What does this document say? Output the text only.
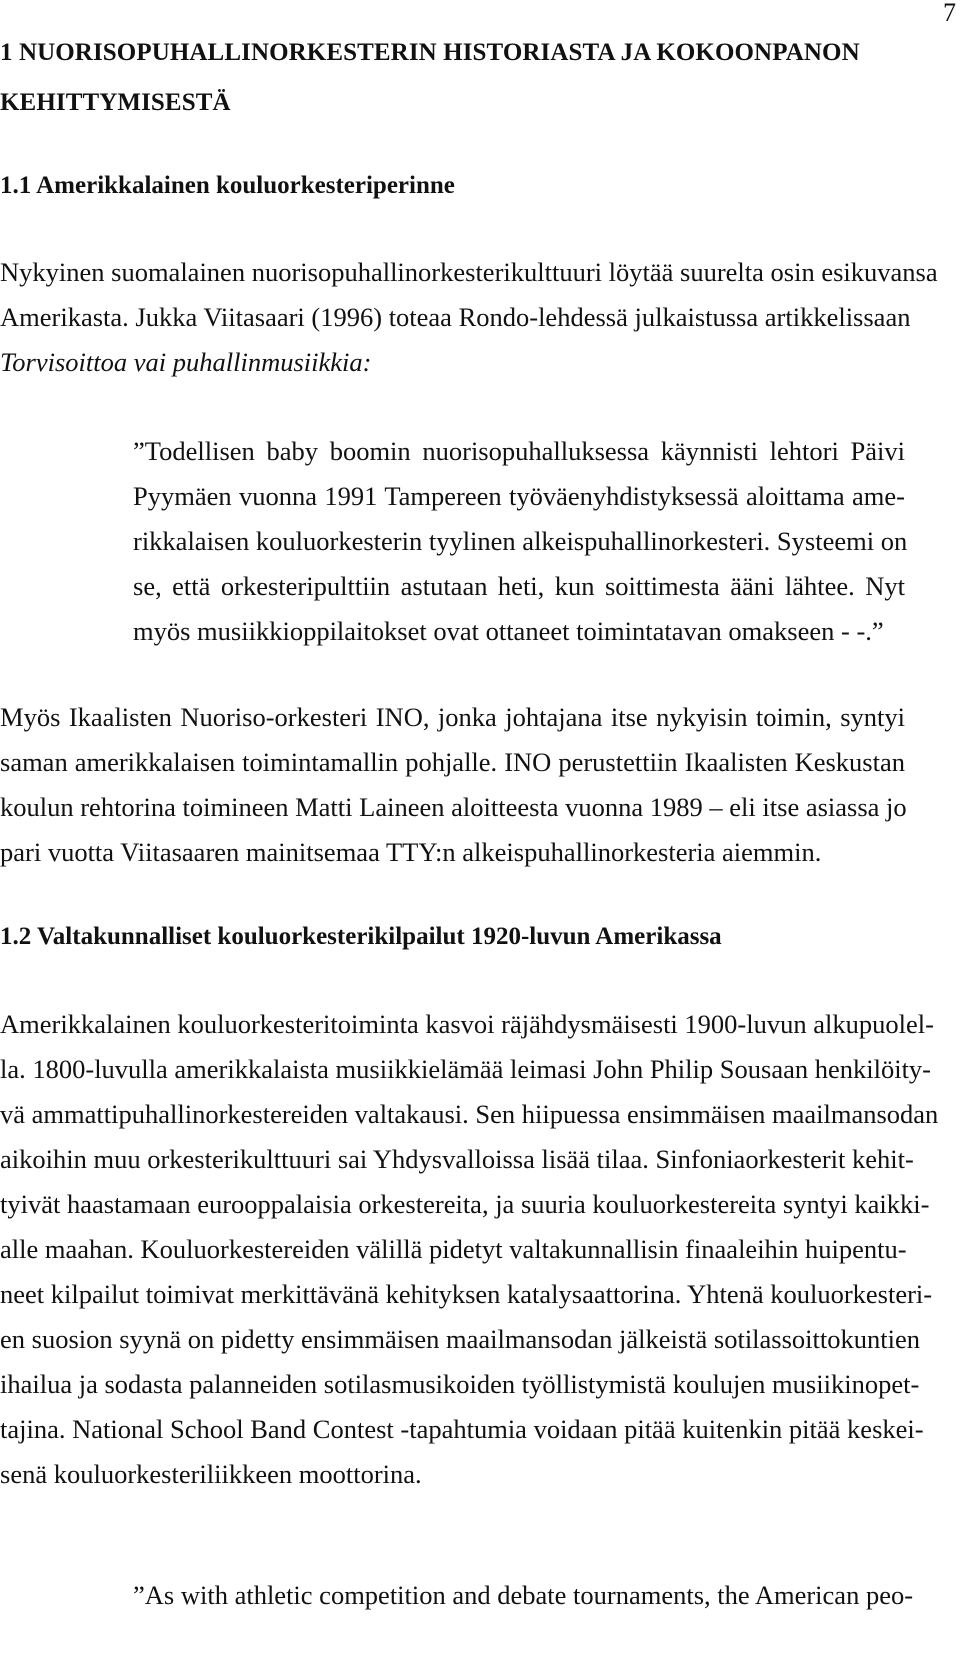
7
1 NUORISOPUHALLINORKESTERIN HISTORIASTA JA KOKOONPANON
KEHITTYMISESTÄ
1.1 Amerikkalainen kouluorkesteriperinne
Nykyinen suomalainen nuorisopuhallinorkesterikulttuuri löytää suurelta osin esikuvansa
Amerikasta. Jukka Viitasaari (1996) toteaa Rondo-lehdessä julkaistussa artikkelissaan
Torvisoittoa vai puhallinmusiikkia:
”Todellisen baby boomin nuorisopuhalluksessa käynnisti lehtori Päivi
Pyymäen vuonna 1991 Tampereen työväenyhdistyksessä aloittama ame-
rikkalaisen kouluorkesterin tyylinen alkeispuhallinorkesteri. Systeemi on
se, että orkesteripulttiin astutaan heti, kun soittimesta ääni lähtee. Nyt
myös musiikkioppilaitokset ovat ottaneet toimintatavan omakseen - -.”
Myös Ikaalisten Nuoriso-orkesteri INO, jonka johtajana itse nykyisin toimin, syntyi
saman amerikkalaisen toimintamallin pohjalle. INO perustettiin Ikaalisten Keskustan
koulun rehtorina toimineen Matti Laineen aloitteesta vuonna 1989 – eli itse asiassa jo
pari vuotta Viitasaaren mainitsemaa TTY:n alkeispuhallinorkesteria aiemmin.
1.2 Valtakunnalliset kouluorkesterikilpailut 1920-luvun Amerikassa
Amerikkalainen kouluorkesteritoiminta kasvoi räjähdysmäisesti 1900-luvun alkupuolel-
la. 1800-luvulla amerikkalaista musiikkielämää leimasi John Philip Sousaan henkilöity-
vä ammattipuhallinorkestereiden valtakausi. Sen hiipuessa ensimmäisen maailmansodan
aikoihin muu orkesterikulttuuri sai Yhdysvalloissa lisää tilaa. Sinfoniaorkesterit kehit-
tyivät haastamaan eurooppalaisia orkestereita, ja suuria kouluorkestereita syntyi kaikki-
alle maahan. Kouluorkestereiden välillä pidetyt valtakunnallisin finaaleihin huipentu-
neet kilpailut toimivat merkittävänä kehityksen katalysaattorina. Yhtenä kouluorkesteri-
en suosion syynä on pidetty ensimmäisen maailmansodan jälkeistä sotilassoittokuntien
ihailua ja sodasta palanneiden sotilasmusikoiden työllistymistä koulujen musiikinopet-
tajina. National School Band Contest -tapahtumia voidaan pitää kuitenkin pitää keskei-
senä kouluorkesteriliikkeen moottorina.
”As with athletic competition and debate tournaments, the American peo-
